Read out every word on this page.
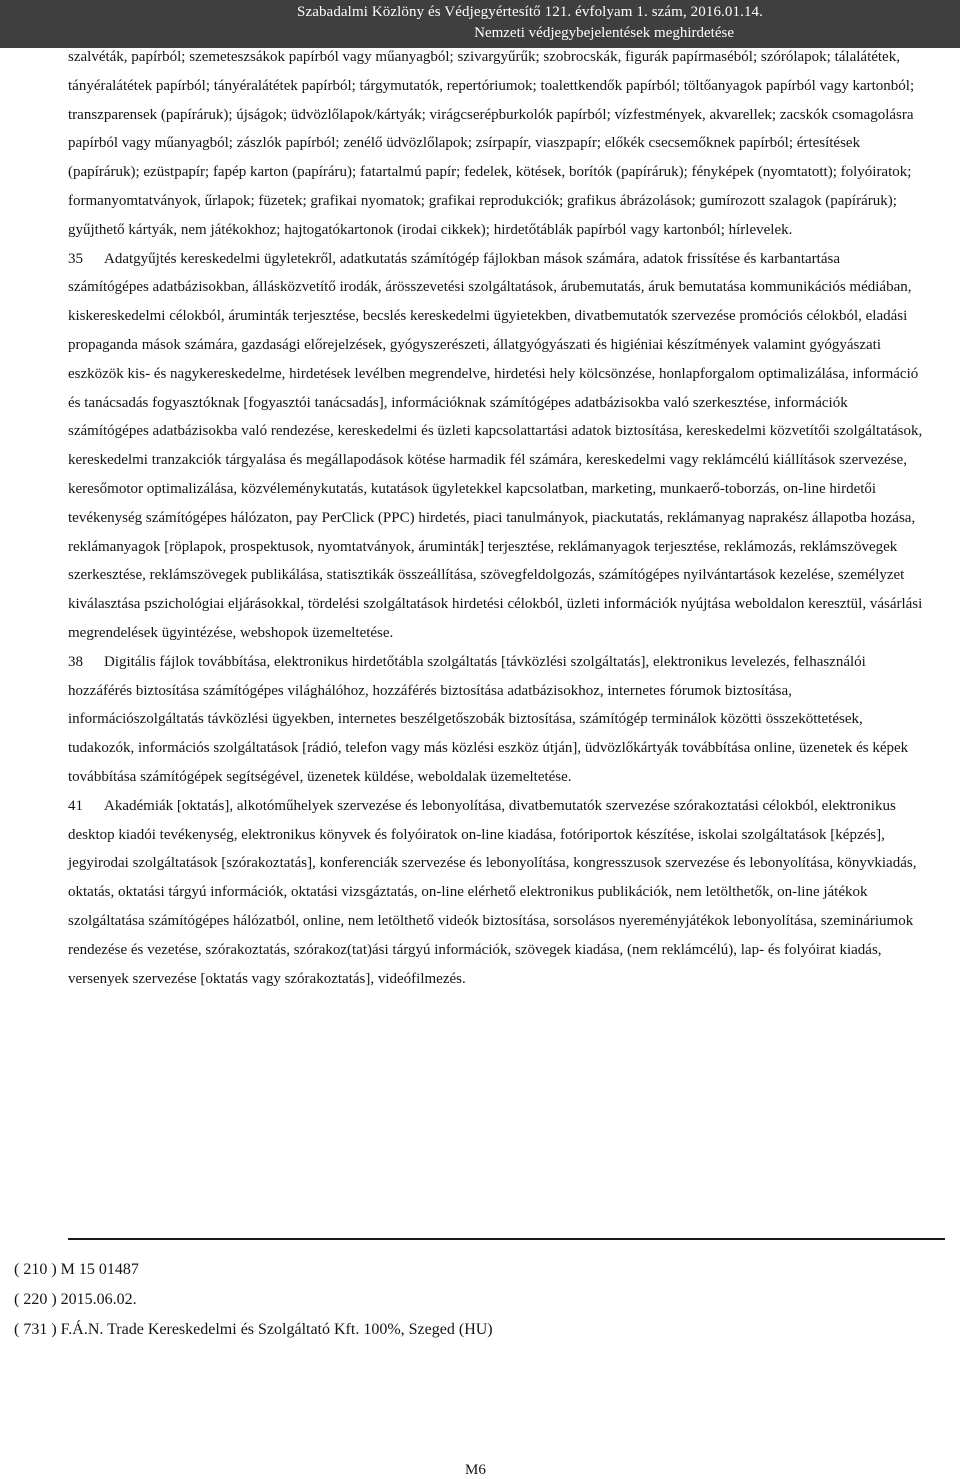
Szabadalmi Közlöny és Védjegyértesítő 121. évfolyam 1. szám, 2016.01.14.
Nemzeti védjegybejelentések meghirdetése

szalvéták, papírból; szemeteszsákok papírból vagy műanyagból; szivargyűrűk; szobrocskák, figurák papírmaséból; szórólapok; tálalátétek, tányéralátétek papírból; tányéralátétek papírból; tárgymutatók, repertóriumok; toalettkendők papírból; töltőanyagok papírból vagy kartonból; transzparensek (papíráruk); újságok; üdvözlőlapok/kártyák; virágcserépburkolók papírból; vízfestmények, akvarellek; zacskók csomagolásra papírból vagy műanyagból; zászlók papírból; zenélő üdvözlőlapok; zsírpapír, viaszpapír; előkék csecsemőknek papírból; értesítések (papíráruk); ezüstpapír; fapép karton (papíráru); fatartalmú papír; fedelek, kötések, borítók (papíráruk); fényképek (nyomtatott); folyóiratok; formanyomtatványok, űrlapok; füzetek; grafikai nyomatok; grafikai reprodukciók; grafikus ábrázolások; gumírozott szalagok (papíráruk); gyűjthető kártyák, nem játékokhoz; hajtogatókartonok (irodai cikkek); hirdetőtáblák papírból vagy kartonból; hírlevelek.

35 Adatgyűjtés kereskedelmi ügyletekről, adatkutatás számítógép fájlokban mások számára, adatok frissítése és karbantartása számítógépes adatbázisokban, állásközvetítő irodák, árösszevetési szolgáltatások, árubemutatás, áruk bemutatása kommunikációs médiában, kiskereskedelmi célokból, áruminták terjesztése, becslés kereskedelmi ügyietekben, divatbemutatók szervezése promóciós célokból, eladási propaganda mások számára, gazdasági előrejelzések, gyógyszerészeti, állatgyógyászati és higiéniai készítmények valamint gyógyászati eszközök kis- és nagykereskedelme, hirdetések levélben megrendelve, hirdetési hely kölcsönzése, honlapforgalom optimalizálása, információ és tanácsadás fogyasztóknak [fogyasztói tanácsadás], információknak számítógépes adatbázisokba való szerkesztése, információk számítógépes adatbázisokba való rendezése, kereskedelmi és üzleti kapcsolattartási adatok biztosítása, kereskedelmi közvetítői szolgáltatások, kereskedelmi tranzakciók tárgyalása és megállapodások kötése harmadik fél számára, kereskedelmi vagy reklámcélú kiállítások szervezése, keresőmotor optimalizálása, közvéleménykutatás, kutatások ügyletekkel kapcsolatban, marketing, munkaerő-toborzás, on-line hirdetői tevékenység számítógépes hálózaton, pay PerClick (PPC) hirdetés, piaci tanulmányok, piackutatás, reklámanyag naprakész állapotba hozása, reklámanyagok [röplapok, prospektusok, nyomtatványok, áruminták] terjesztése, reklámanyagok terjesztése, reklámozás, reklámszövegek szerkesztése, reklámszövegek publikálása, statisztikák összeállítása, szövegfeldolgozás, számítógépes nyilvántartások kezelése, személyzet kiválasztása pszichológiai eljárásokkal, tördelési szolgáltatások hirdetési célokból, üzleti információk nyújtása weboldalon keresztül, vásárlási megrendelések ügyintézése, webshopok üzemeltetése.

38 Digitális fájlok továbbítása, elektronikus hirdetőtábla szolgáltatás [távközlési szolgáltatás], elektronikus levelezés, felhasználói hozzáférés biztosítása számítógépes világhálóhoz, hozzáférés biztosítása adatbázisokhoz, internetes fórumok biztosítása, információszolgáltatás távközlési ügyekben, internetes beszélgetőszobák biztosítása, számítógép terminálok közötti összeköttetések, tudakozók, információs szolgáltatások [rádió, telefon vagy más közlési eszköz útján], üdvözlőkártyák továbbítása online, üzenetek és képek továbbítása számítógépek segítségével, üzenetek küldése, weboldalak üzemeltetése.

41 Akadémiák [oktatás], alkotóműhelyek szervezése és lebonyolítása, divatbemutatók szervezése szórakoztatási célokból, elektronikus desktop kiadói tevékenység, elektronikus könyvek és folyóiratok on-line kiadása, fotóriportok készítése, iskolai szolgáltatások [képzés], jegyirodai szolgáltatások [szórakoztatás], konferenciák szervezése és lebonyolítása, kongresszusok szervezése és lebonyolítása, könyvkiadás, oktatás, oktatási tárgyú információk, oktatási vizsgáztatás, on-line elérhető elektronikus publikációk, nem letölthetők, on-line játékok szolgáltatása számítógépes hálózatból, online, nem letölthető videók biztosítása, sorsolásos nyereményjátékok lebonyolítása, szemináriumok rendezése és vezetése, szórakoztatás, szórakoz(tat)ási tárgyú információk, szövegek kiadása, (nem reklámcélú), lap- és folyóirat kiadás, versenyek szervezése [oktatás vagy szórakoztatás], videófilmezés.

( 210 ) M 15 01487
( 220 ) 2015.06.02.
( 731 ) F.Á.N. Trade Kereskedelmi és Szolgáltató Kft. 100%, Szeged (HU)
M6
